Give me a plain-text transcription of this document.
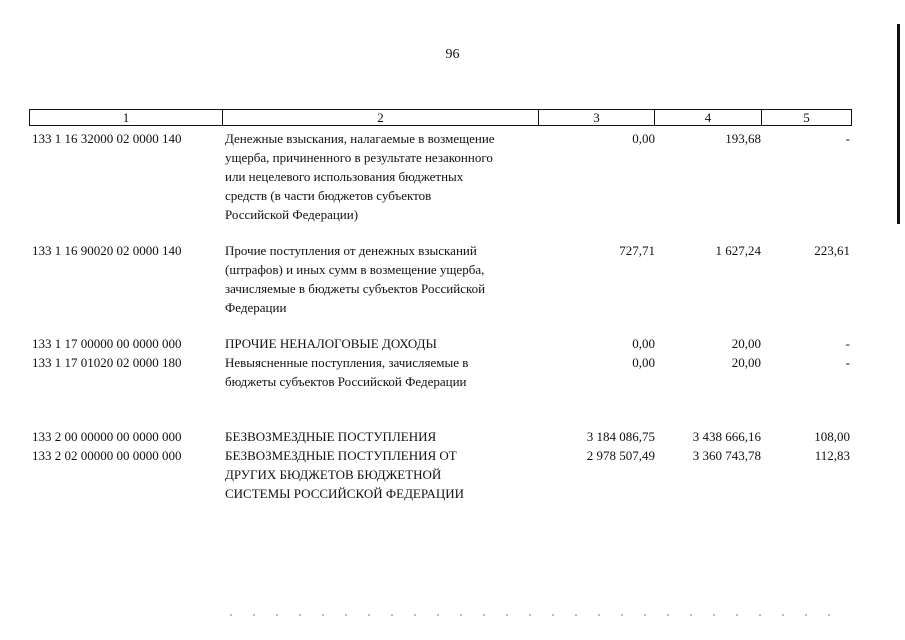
96
1	2	3	4	5
133 1 16 32000 02 0000 140	Денежные взыскания, налагаемые в возмещение
ущерба, причиненного в результате незаконного
или нецелевого использования бюджетных
средств (в части бюджетов субъектов
Российской Федерации)
0,00	193,68	-
133 1 16 90020 02 0000 140	Прочие поступления от денежных взысканий
(штрафов) и иных сумм в возмещение ущерба,
зачисляемые в бюджеты субъектов Российской
Федерации
727,71	1 627,24	223,61
133 1 17 00000 00 0000 000	ПРОЧИЕ НЕНАЛОГОВЫЕ ДОХОДЫ	0,00	20,00	-
133 1 17 01020 02 0000 180	Невыясненные поступления, зачисляемые в
бюджеты субъектов Российской Федерации
0,00	20,00	-
133 2 00 00000 00 0000 000	БЕЗВОЗМЕЗДНЫЕ ПОСТУПЛЕНИЯ	3 184 086,75	3 438 666,16	108,00
133 2 02 00000 00 0000 000	БЕЗВОЗМЕЗДНЫЕ ПОСТУПЛЕНИЯ ОТ
ДРУГИХ БЮДЖЕТОВ БЮДЖЕТНОЙ
СИСТЕМЫ РОССИЙСКОЙ ФЕДЕРАЦИИ
2 978 507,49	3 360 743,78	112,83
